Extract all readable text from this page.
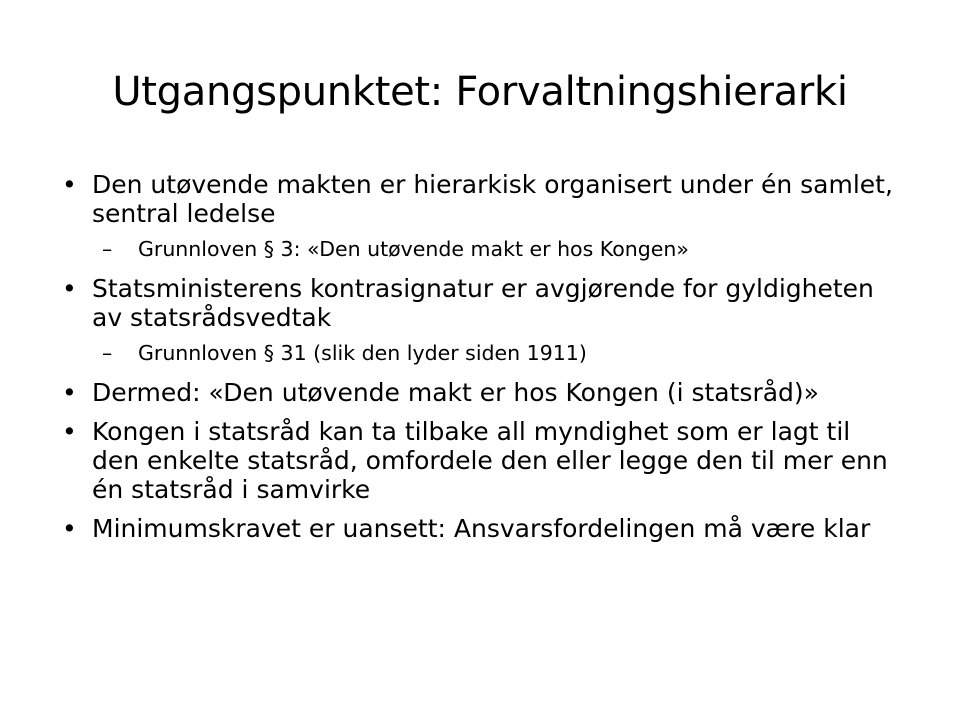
Utgangspunktet: Forvaltningshierarki
• Den utøvende makten er hierarkisk organisert under én samlet, sentral ledelse
– Grunnloven § 3: «Den utøvende makt er hos Kongen»
• Statsministerens kontrasignatur er avgjørende for gyldigheten av statsrådsvedtak
– Grunnloven § 31 (slik den lyder siden 1911)
• Dermed: «Den utøvende makt er hos Kongen (i statsråd)»
• Kongen i statsråd kan ta tilbake all myndighet som er lagt til den enkelte statsråd, omfordele den eller legge den til mer enn én statsråd i samvirke
• Minimumskravet er uansett: Ansvarsfordelingen må være klar
